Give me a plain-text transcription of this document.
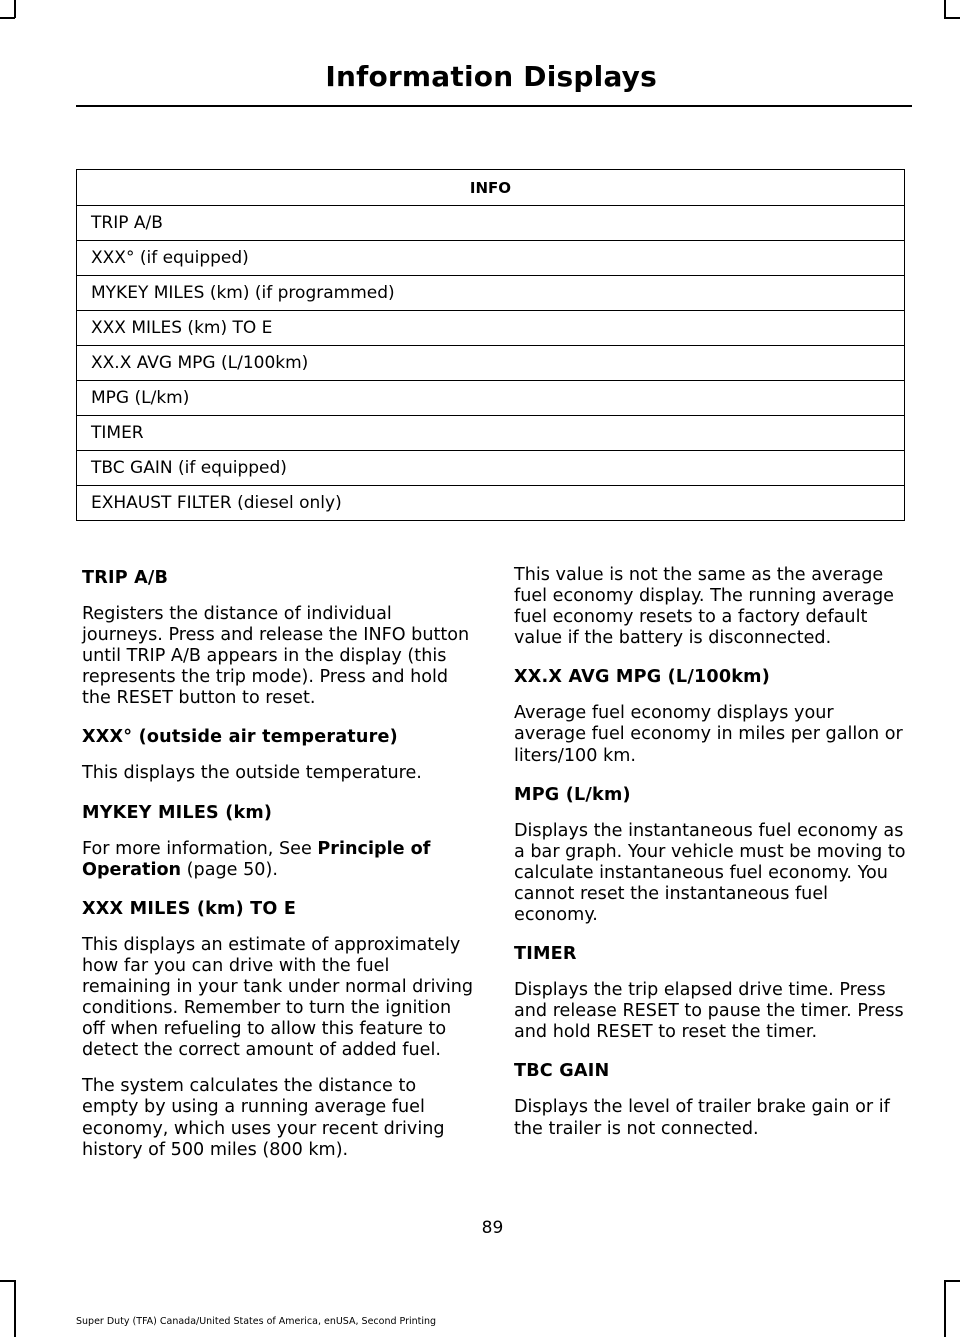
Information Displays
INFO
TRIP A/B
XXX° (if equipped)
MYKEY MILES (km) (if programmed)
XXX MILES (km) TO E
XX.X AVG MPG (L/100km)
MPG (L/km)
TIMER
TBC GAIN (if equipped)
EXHAUST FILTER (diesel only)
TRIP A/B

Registers the distance of individual journeys. Press and release the INFO button until TRIP A/B appears in the display (this represents the trip mode). Press and hold the RESET button to reset.

XXX° (outside air temperature)

This displays the outside temperature.

MYKEY MILES (km)

For more information, See Principle of Operation (page 50).

XXX MILES (km) TO E

This displays an estimate of approximately how far you can drive with the fuel remaining in your tank under normal driving conditions. Remember to turn the ignition off when refueling to allow this feature to detect the correct amount of added fuel.

The system calculates the distance to empty by using a running average fuel economy, which uses your recent driving history of 500 miles (800 km).

This value is not the same as the average fuel economy display. The running average fuel economy resets to a factory default value if the battery is disconnected.

XX.X AVG MPG (L/100km)

Average fuel economy displays your average fuel economy in miles per gallon or liters/100 km.

MPG (L/km)

Displays the instantaneous fuel economy as a bar graph. Your vehicle must be moving to calculate instantaneous fuel economy. You cannot reset the instantaneous fuel economy.

TIMER

Displays the trip elapsed drive time. Press and release RESET to pause the timer. Press and hold RESET to reset the timer.

TBC GAIN

Displays the level of trailer brake gain or if the trailer is not connected.

89
Super Duty (TFA) Canada/United States of America, enUSA, Second Printing
